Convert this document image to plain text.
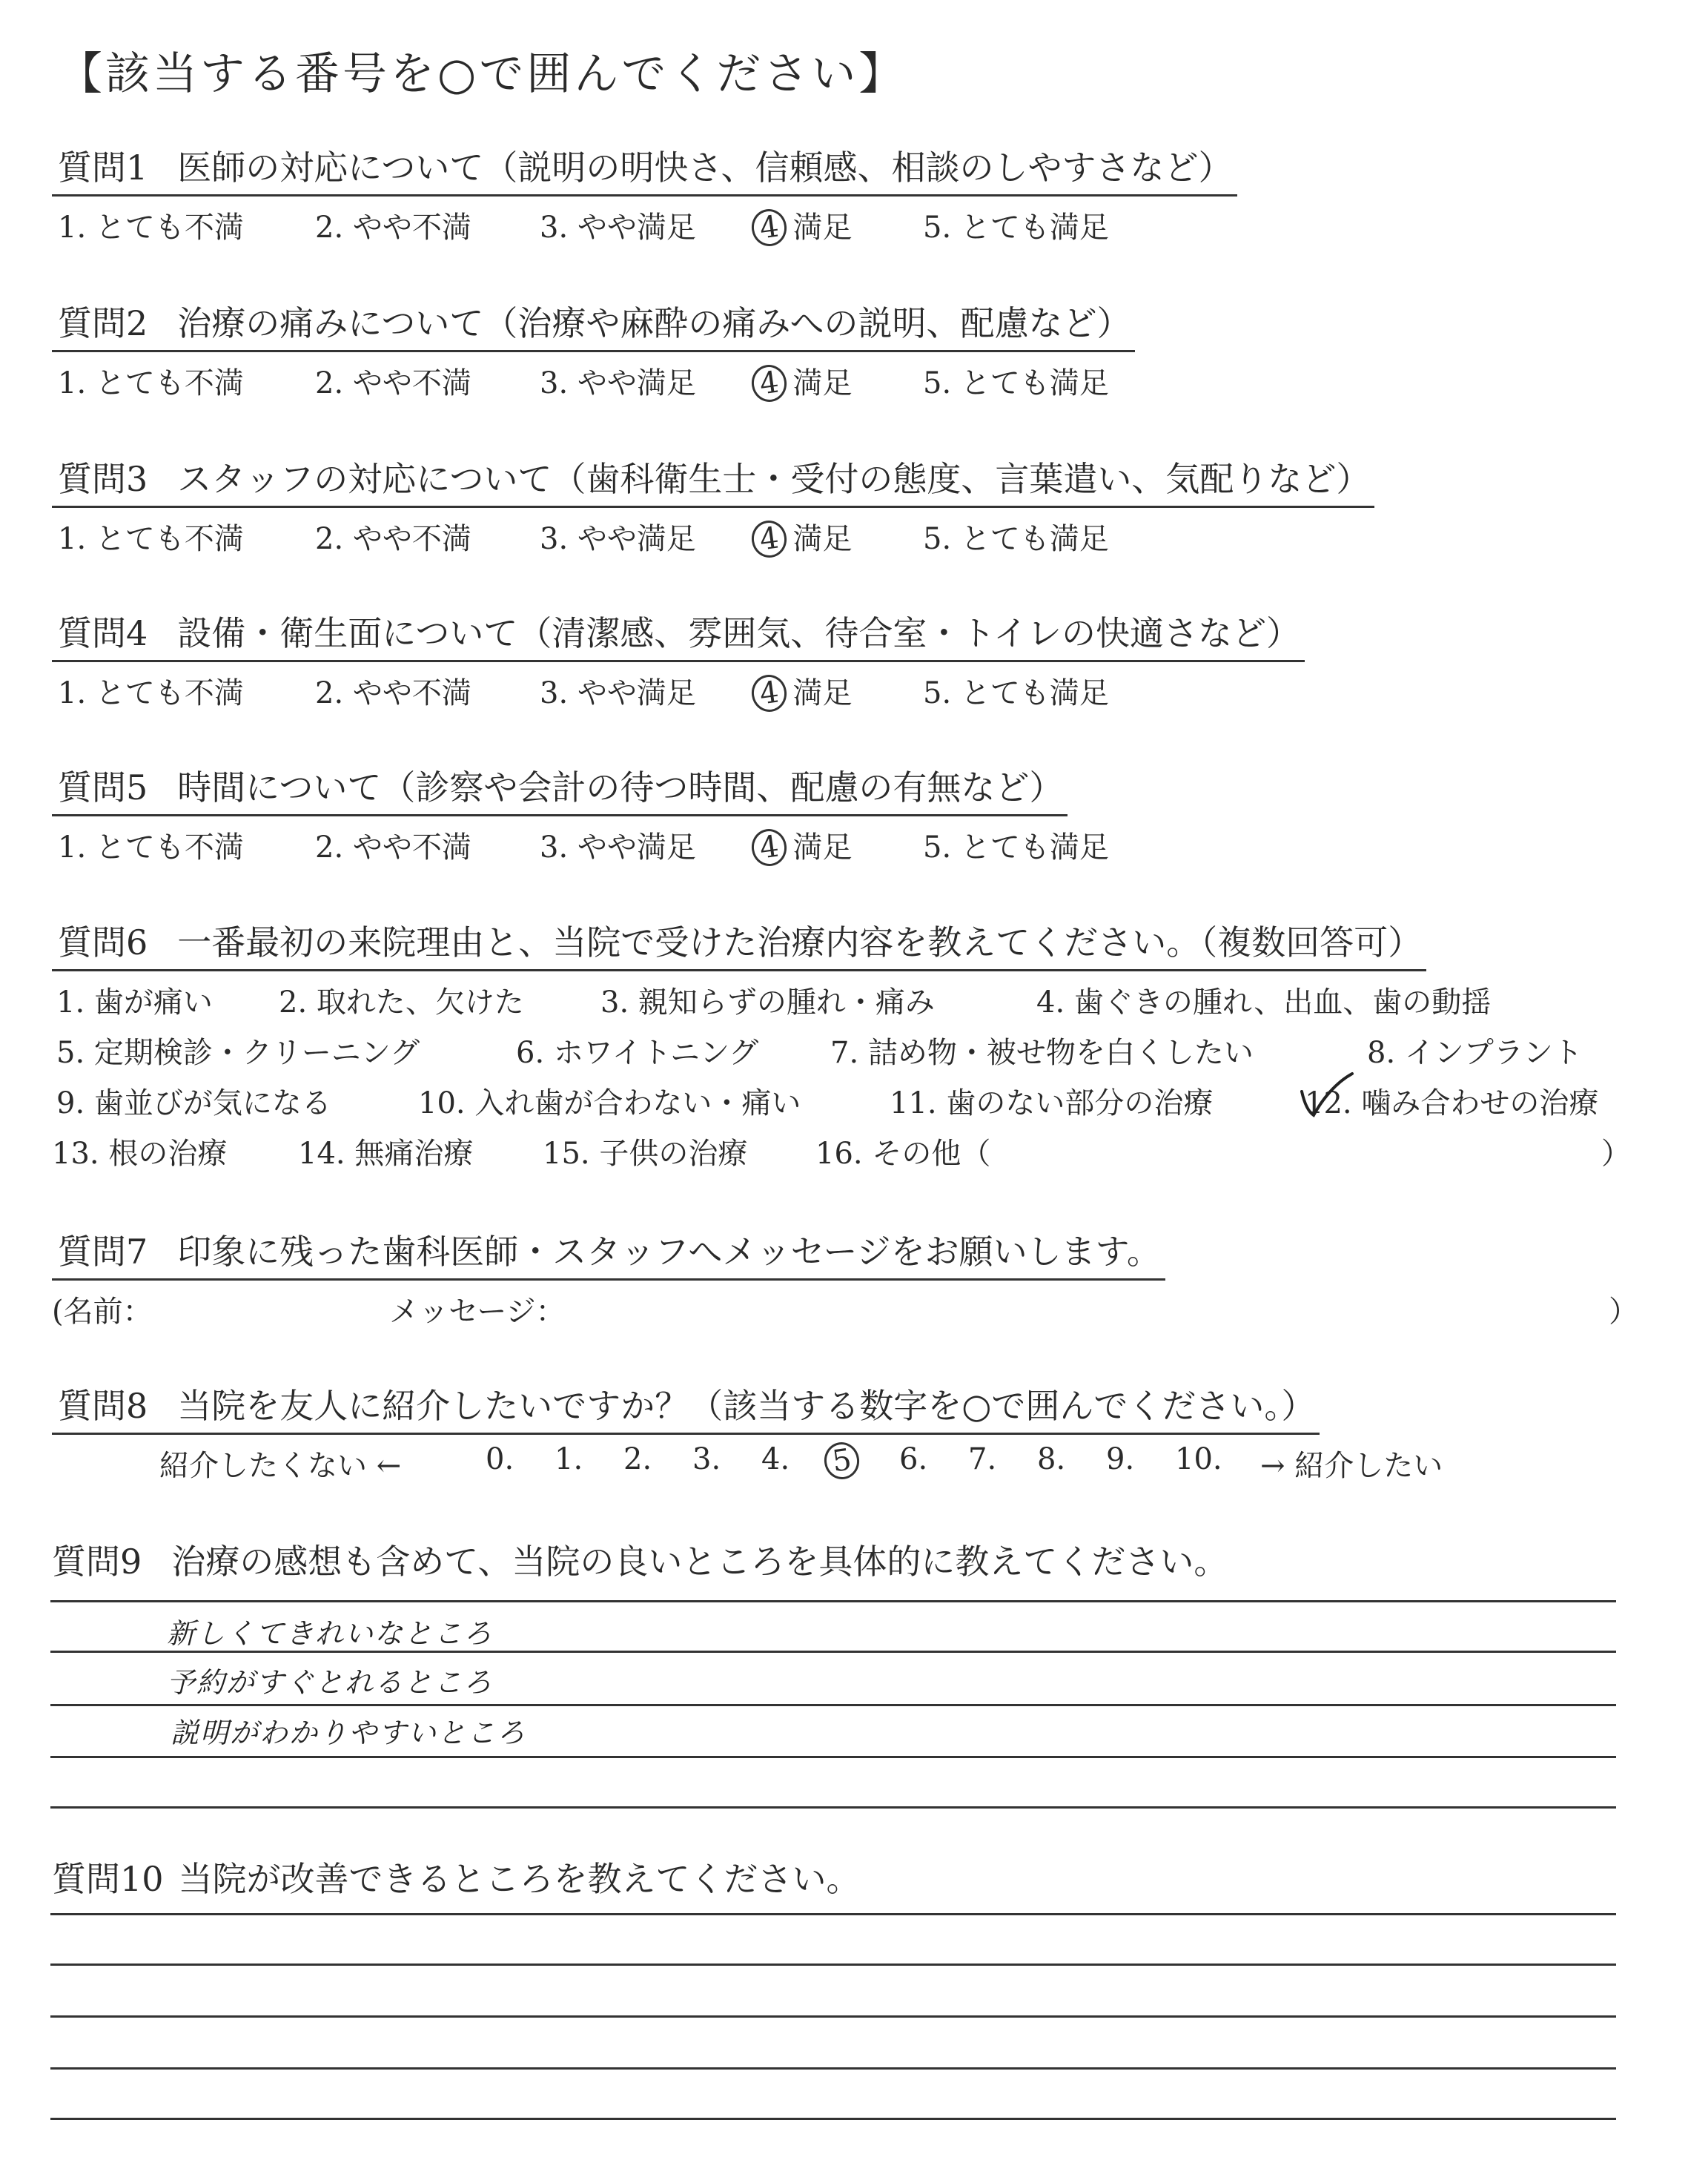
【該当する番号を○で囲んでください】
質問1 医師の対応について（説明の明快さ、信頼感、相談のしやすさなど）
1. とても不満 2. やや不満 3. やや満足 4 満足 5. とても満足
質問2 治療の痛みについて（治療や麻酔の痛みへの説明、配慮など）
1. とても不満 2. やや不満 3. やや満足 4 満足 5. とても満足
質問3 スタッフの対応について（歯科衛生士・受付の態度、言葉遣い、気配りなど）
1. とても不満 2. やや不満 3. やや満足 4 満足 5. とても満足
質問4 設備・衛生面について（清潔感、雰囲気、待合室・トイレの快適さなど）
1. とても不満 2. やや不満 3. やや満足 4 満足 5. とても満足
質問5 時間について（診察や会計の待つ時間、配慮の有無など）
1. とても不満 2. やや不満 3. やや満足 4 満足 5. とても満足
質問6 一番最初の来院理由と、当院で受けた治療内容を教えてください。（複数回答可）
1. 歯が痛い 2. 取れた、欠けた	3. 親知らずの腫れ・痛み	4. 歯ぐきの腫れ、出血、歯の動揺
5. 定期検診・クリーニング	6. ホワイトニング 7. 詰め物・被せ物を白くしたい	8. インプラント
9. 歯並びが気になる	10. 入れ歯が合わない・痛い	11. 歯のない部分の治療	12. 噛み合わせの治療
13. 根の治療 14. 無痛治療 15. 子供の治療 16. その他（	）
質問7 印象に残った歯科医師・スタッフへメッセージをお願いします。
(名前：	メッセージ：	）
質問8 当院を友人に紹介したいですか？（該当する数字を○で囲んでください。）
紹介したくない ←	0. 1. 2. 3. 4. 5	6. 7. 8. 9. 10. → 紹介したい
質問9 治療の感想も含めて、当院の良いところを具体的に教えてください。
新しくてきれいなところ
予約がすぐとれるところ
説明がわかりやすいところ
質問10 当院が改善できるところを教えてください。
